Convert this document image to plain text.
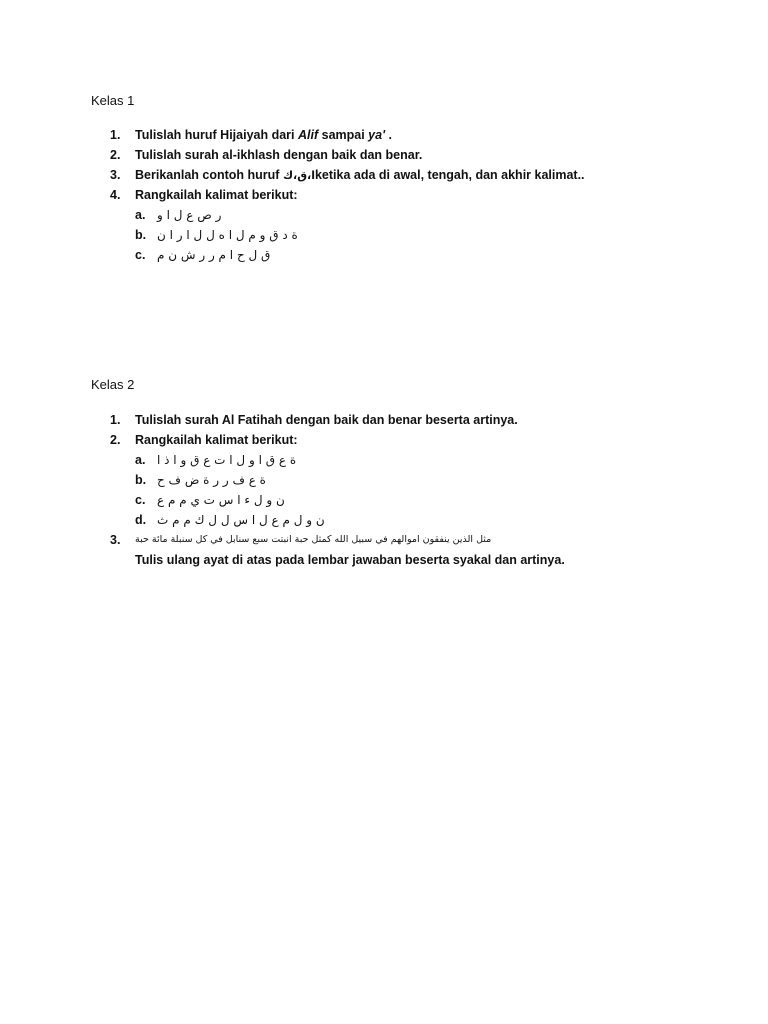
Kelas 1
1.	Tulislah huruf Hijaiyah dari Alif sampai ya' .
2.	Tulislah surah al-ikhlash dengan baik dan benar.
3.	Berikanlah contoh huruf ا،ق،كketika ada di awal, tengah, dan akhir kalimat..
4.	Rangkailah kalimat berikut:
a. ر ص ع ل ا و
b. ة د ق و م ل ا ه ل ل ا ر ا ن
c. ق ل ح ا م ر ر ش ن م
Kelas 2
1.	Tulislah surah Al Fatihah dengan baik dan benar beserta artinya.
2.	Rangkailah kalimat berikut:
a. ة ع ق ا و ل ا ت ع ق و ا ذ ا
b. ة ع ف ر ر ة ض ف ح
c. ن و ل ء ا س ت ي م م ع
d. ن و ل م ع ل ا س ل ل ك م م ث
3.	مثل الذين ينفقون اموالهم في سبيل الله كمثل حبة انبتت سبع سنابل في كل سنبلة مائة حبة
Tulis ulang ayat di atas pada lembar jawaban beserta syakal dan artinya.
